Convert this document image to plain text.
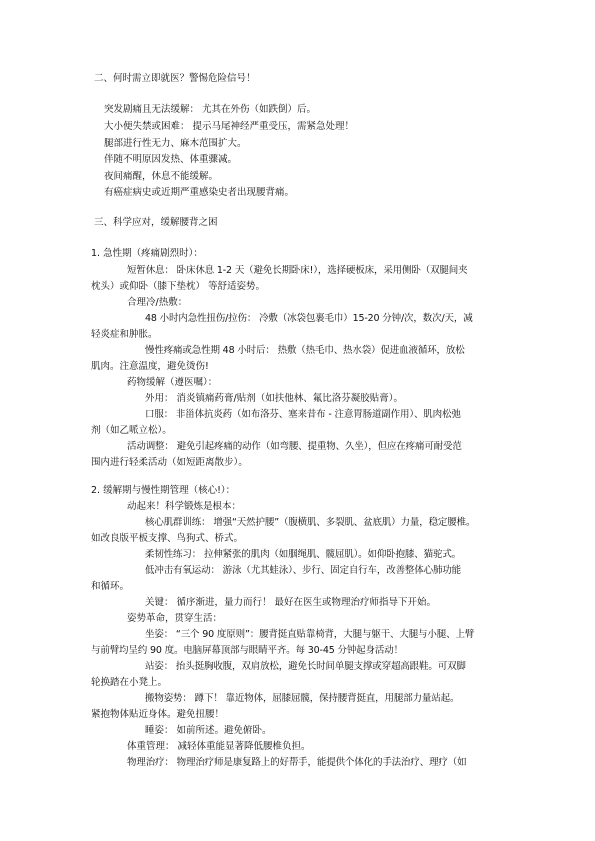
二、何时需立即就医？警惕危险信号！
突发剧痛且无法缓解： 尤其在外伤（如跌倒）后。
大小便失禁或困难： 提示马尾神经严重受压，需紧急处理！
腿部进行性无力、麻木范围扩大。
伴随不明原因发热、体重骤减。
夜间痛醒，休息不能缓解。
有癌症病史或近期严重感染史者出现腰背痛。
三、科学应对，缓解腰背之困
1. 急性期（疼痛剧烈时）：
短暂休息： 卧床休息 1-2 天（避免长期卧床!），选择硬板床，采用侧卧（双腿间夹
枕头）或仰卧（膝下垫枕） 等舒适姿势。
合理冷/热敷：
48 小时内急性扭伤/拉伤： 冷敷（冰袋包裹毛巾）15-20 分钟/次，数次/天，减
轻炎症和肿胀。
慢性疼痛或急性期 48 小时后： 热敷（热毛巾、热水袋）促进血液循环，放松
肌肉。注意温度，避免烫伤!
药物缓解（遵医嘱）：
外用： 消炎镇痛药膏/贴剂（如扶他林、氟比洛芬凝胶贴膏）。
口服： 非甾体抗炎药（如布洛芬、塞来昔布 - 注意胃肠道副作用）、肌肉松弛
剂（如乙哌立松）。
活动调整： 避免引起疼痛的动作（如弯腰、提重物、久坐），但应在疼痛可耐受范
围内进行轻柔活动（如短距离散步）。
2. 缓解期与慢性期管理（核心!）：
动起来！科学锻炼是根本：
核心肌群训练： 增强“天然护腰”（腹横肌、多裂肌、盆底肌）力量，稳定腰椎。
如改良版平板支撑、鸟狗式、桥式。
柔韧性练习： 拉伸紧张的肌肉（如腘绳肌、髋屈肌）。如仰卧抱膝、猫驼式。
低冲击有氧运动： 游泳（尤其蛙泳）、步行、固定自行车，改善整体心肺功能
和循环。
关键： 循序渐进，量力而行！ 最好在医生或物理治疗师指导下开始。
姿势革命，贯穿生活：
坐姿： “三个 90 度原则”：腰背挺直贴靠椅背，大腿与躯干、大腿与小腿、上臂
与前臂均呈约 90 度。电脑屏幕顶部与眼睛平齐。每 30-45 分钟起身活动！
站姿： 抬头挺胸收腹，双肩放松，避免长时间单腿支撑或穿超高跟鞋。可双脚
轮换踏在小凳上。
搬物姿势： 蹲下！ 靠近物体，屈膝屈髋，保持腰背挺直，用腿部力量站起。
紧抱物体贴近身体。避免扭腰！
睡姿： 如前所述。避免俯卧。
体重管理： 减轻体重能显著降低腰椎负担。
物理治疗： 物理治疗师是康复路上的好帮手，能提供个体化的手法治疗、理疗（如
